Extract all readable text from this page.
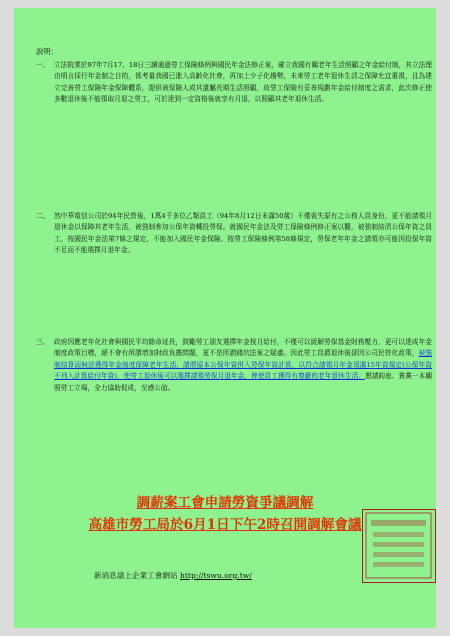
說明：
一、 立法院業於97年7月17、18日三讀通過勞工保險條例與國民年金法修正案，確立我國有關老年生活照顧之年金給付制，其立法理由明言採行年金制之目的，係考量我國已進入高齡化社會，再加上少子化趨勢，未來勞工老年退休生活之保障允宜重視，且為建立完善勞工保險年金保障體系，提供被保險人或其遺屬長期生活照顧，故勞工保險有妥善規劃年金給付制度之需求，此次修正使多數退休後不能領取月退之勞工，可於達到一定資格後就享有月退，以照顧其老年退休生活。
二、 然中華電信公司於94年民營後，1萬4千多位乙類員工（94年8月12日未滿50歲）不僅喪失原有之公務人員身份，更不能請領月退休金以保障其老年生活，被強制參加公保年資轉投勞保。就國民年金法及勞工保險條例修正案以觀，被強制結清公保年資之員工，按國民年金法第7條之規定，不能加入國民年金保險。按勞工保險條例第58條規定，勞保老年年金之請領亦可能因投保年資不足而不能選擇月退年金。
三、 政府因應老年化社會與國民平均餘命延長，鼓勵勞工朋友選擇年金按月給付，不僅可以緩解勞保基金財務壓力，更可以達成年金制度政策目標，絕不會有所謂增加財政負擔問題，更不是所謂錢坑法案之疑慮。因此勞工昆爵退休後卻因公司民營化政策，被強制結算而無法獲得年金制度保障老年生活，請將原本公保年資併入勞保年資計算，以符合請領月年金須滿15年資規定(公保年資不列入計算給付年資)，使勞工退休後可以選擇請領勞保月退年金，俾使員工獲得有尊嚴的老年退休生活。懇請鈞座、貴黨一本關照勞工立場，全力協助促成，至感公誼。
調薪案工會申請勞資爭議調解
高雄市勞工局於6月1日下午2時召開調解會議
新消息請上企業工會網站 http://tswu.org.tw/
